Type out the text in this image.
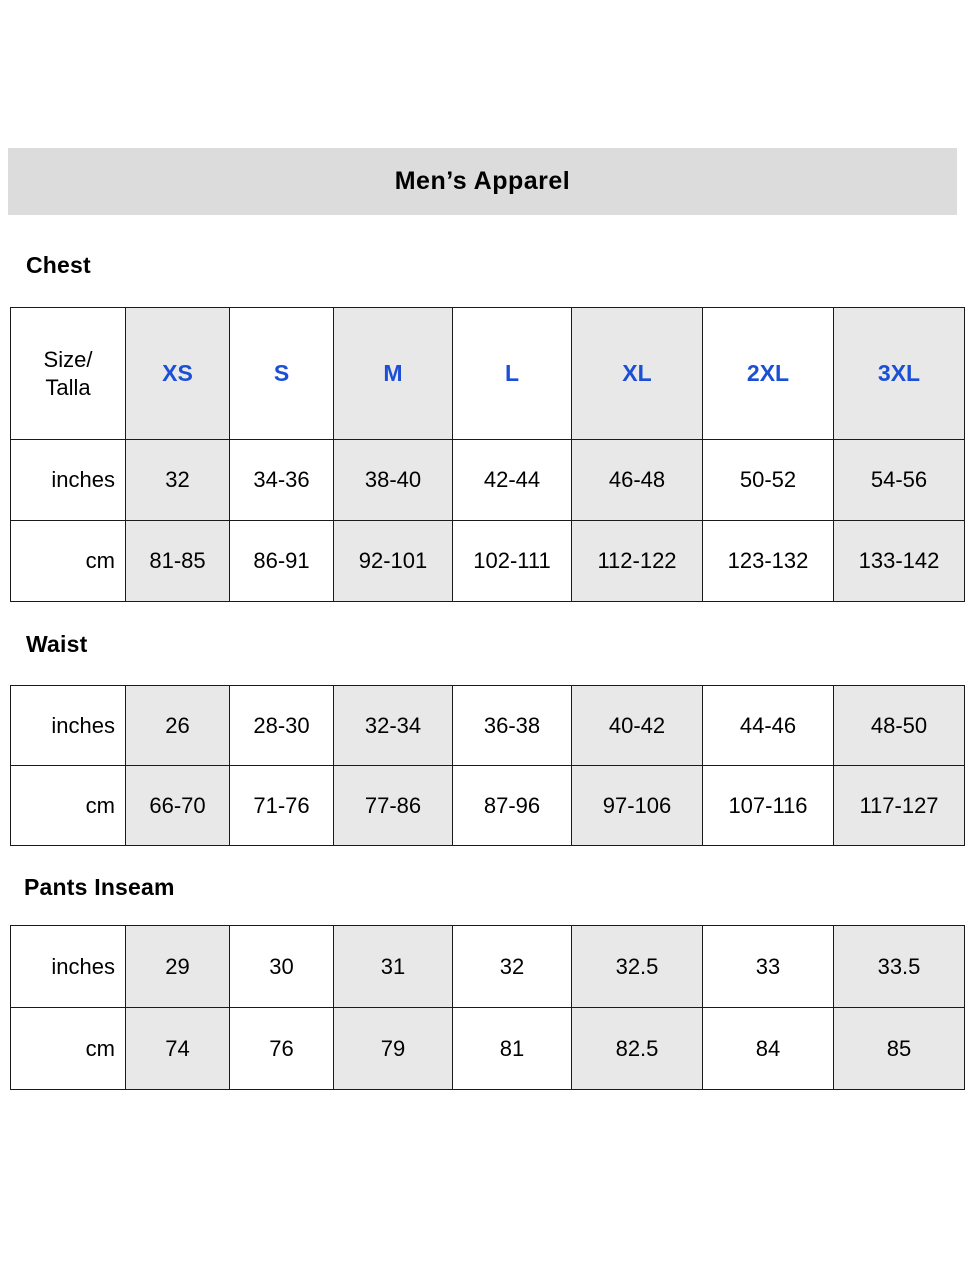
Men’s Apparel
Chest
Size/
Talla	XS	S	M	L	XL	2XL	3XL
inches	32	34-36	38-40	42-44	46-48	50-52	54-56
cm	81-85	86-91	92-101	102-111	112-122	123-132	133-142
Waist
inches	26	28-30	32-34	36-38	40-42	44-46	48-50
cm	66-70	71-76	77-86	87-96	97-106	107-116	117-127
Pants Inseam
inches	29	30	31	32	32.5	33	33.5
cm	74	76	79	81	82.5	84	85
